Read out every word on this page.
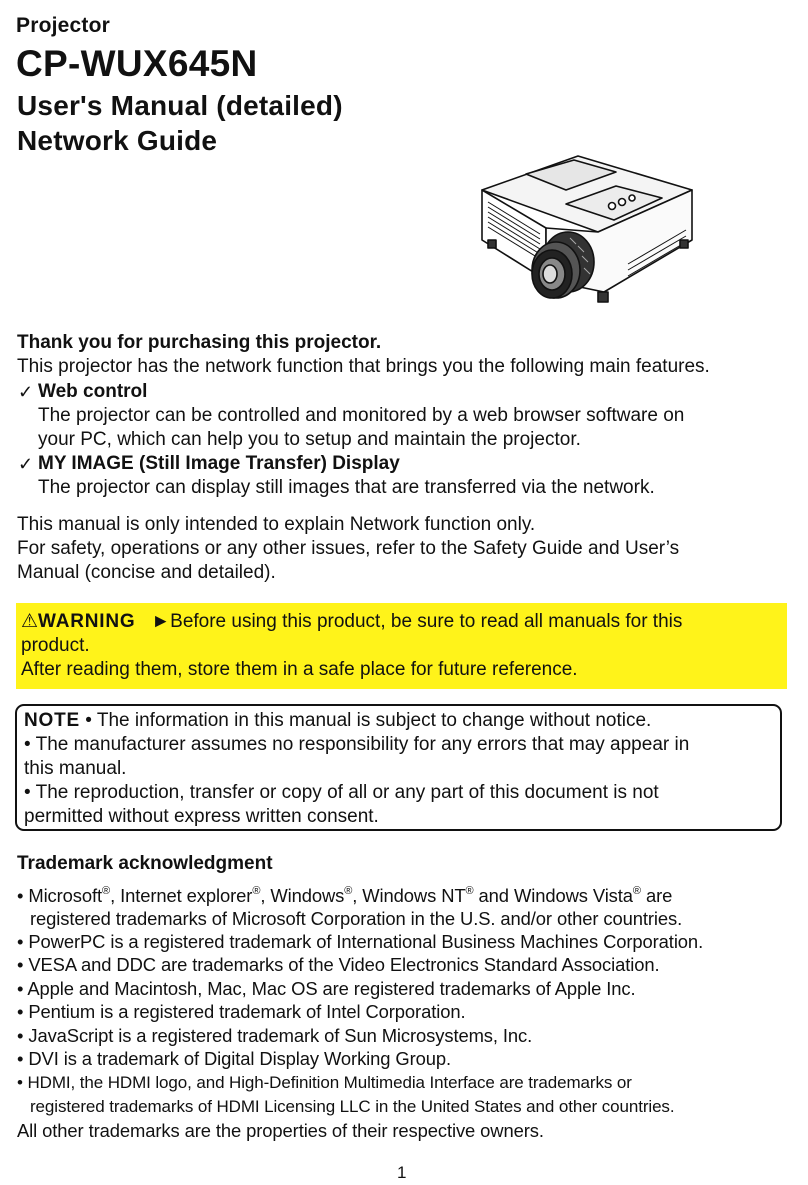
Projector
CP-WUX645N
User's Manual (detailed)
Network Guide
Thank you for purchasing this projector.
This projector has the network function that brings you the following main features.
✓ Web control
The projector can be controlled and monitored by a web browser software on
your PC, which can help you to setup and maintain the projector.
✓ MY IMAGE (Still Image Transfer) Display
The projector can display still images that are transferred via the network.
This manual is only intended to explain Network function only.
For safety, operations or any other issues, refer to the Safety Guide and User’s
Manual (concise and detailed).
⚠WARNING ►Before using this product, be sure to read all manuals for this
product.
After reading them, store them in a safe place for future reference.
NOTE • The information in this manual is subject to change without notice.
• The manufacturer assumes no responsibility for any errors that may appear in
this manual.
• The reproduction, transfer or copy of all or any part of this document is not
permitted without express written consent.
Trademark acknowledgment
• Microsoft®, Internet explorer®, Windows®, Windows NT® and Windows Vista® are
registered trademarks of Microsoft Corporation in the U.S. and/or other countries.
• PowerPC is a registered trademark of International Business Machines Corporation.
• VESA and DDC are trademarks of the Video Electronics Standard Association.
• Apple and Macintosh, Mac, Mac OS are registered trademarks of Apple Inc.
• Pentium is a registered trademark of Intel Corporation.
• JavaScript is a registered trademark of Sun Microsystems, Inc.
• DVI is a trademark of Digital Display Working Group.
• HDMI, the HDMI logo, and High-Definition Multimedia Interface are trademarks or
registered trademarks of HDMI Licensing LLC in the United States and other countries.
All other trademarks are the properties of their respective owners.
1
